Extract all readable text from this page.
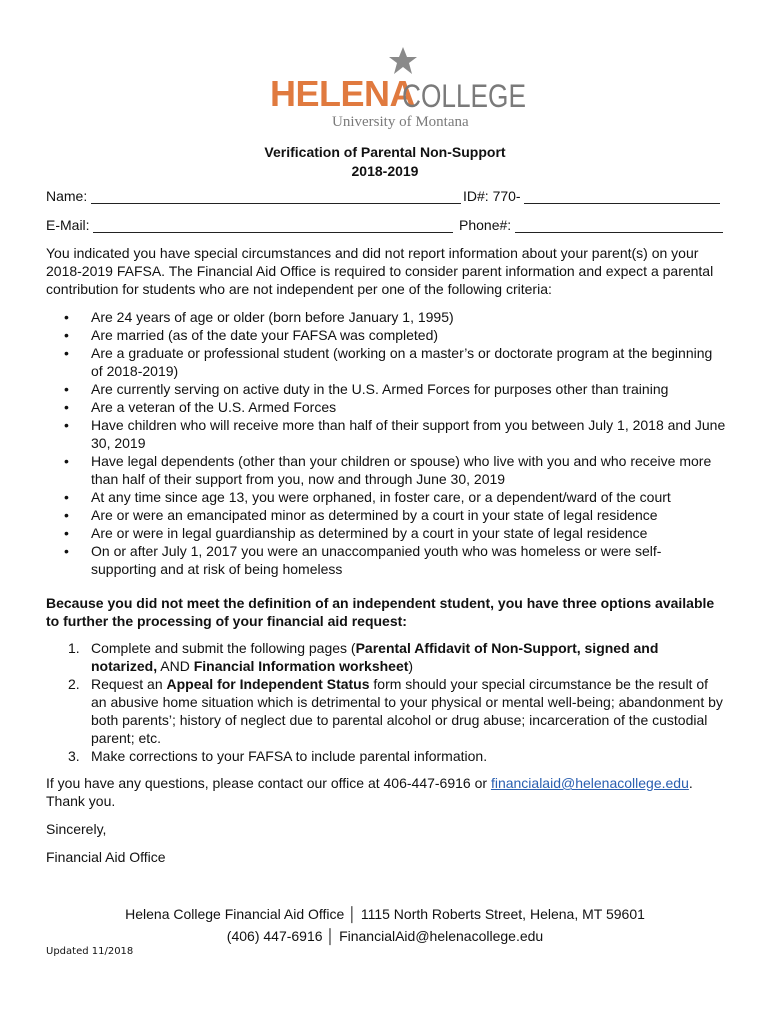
HELENA
COLLEGE
University of Montana
Verification of Parental Non-Support
2018-2019
Name:	ID#: 770-
E-Mail:	Phone#:
You indicated you have special circumstances and did not report information about your parent(s) on your 2018-2019 FAFSA. The Financial Aid Office is required to consider parent information and expect a parental contribution for students who are not independent per one of the following criteria:
• Are 24 years of age or older (born before January 1, 1995)
• Are married (as of the date your FAFSA was completed)
• Are a graduate or professional student (working on a master’s or doctorate program at the beginning of 2018-2019)
• Are currently serving on active duty in the U.S. Armed Forces for purposes other than training
• Are a veteran of the U.S. Armed Forces
• Have children who will receive more than half of their support from you between July 1, 2018 and June 30, 2019
• Have legal dependents (other than your children or spouse) who live with you and who receive more than half of their support from you, now and through June 30, 2019
• At any time since age 13, you were orphaned, in foster care, or a dependent/ward of the court
• Are or were an emancipated minor as determined by a court in your state of legal residence
• Are or were in legal guardianship as determined by a court in your state of legal residence
• On or after July 1, 2017 you were an unaccompanied youth who was homeless or were self-supporting and at risk of being homeless
Because you did not meet the definition of an independent student, you have three options available to further the processing of your financial aid request:
1. Complete and submit the following pages (Parental Affidavit of Non-Support, signed and notarized, AND Financial Information worksheet)
2. Request an Appeal for Independent Status form should your special circumstance be the result of an abusive home situation which is detrimental to your physical or mental well-being; abandonment by both parents’; history of neglect due to parental alcohol or drug abuse; incarceration of the custodial parent; etc.
3. Make corrections to your FAFSA to include parental information.
If you have any questions, please contact our office at 406-447-6916 or financialaid@helenacollege.edu.
Thank you.
Sincerely,
Financial Aid Office
Helena College Financial Aid Office │ 1115 North Roberts Street, Helena, MT 59601
(406) 447-6916 │ FinancialAid@helenacollege.edu
Updated 11/2018
